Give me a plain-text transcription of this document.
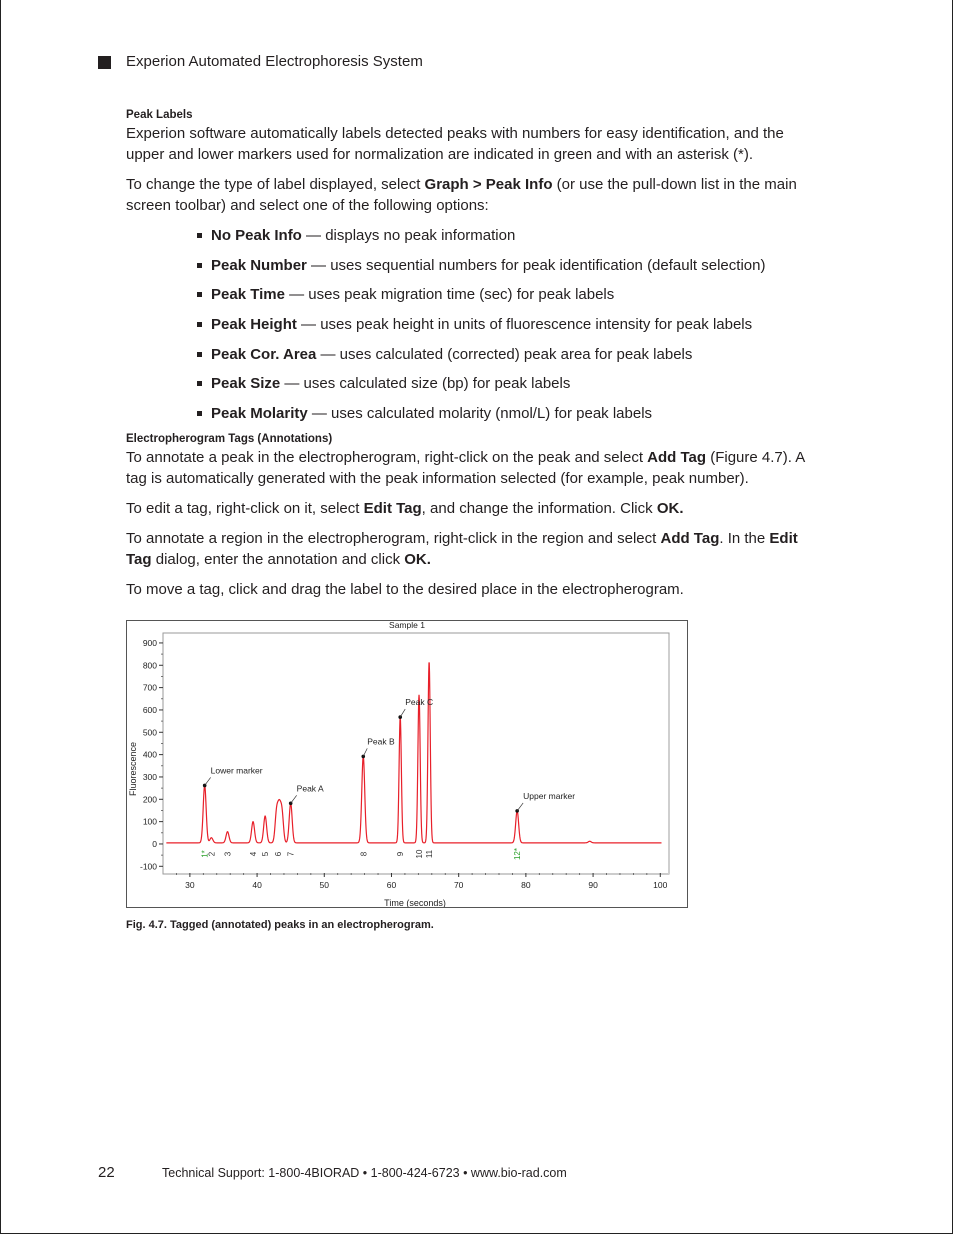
Experion Automated Electrophoresis System
Peak Labels

Experion software automatically labels detected peaks with numbers for easy identification, and the upper and lower markers used for normalization are indicated in green and with an asterisk (*).

To change the type of label displayed, select Graph > Peak Info (or use the pull-down list in the main screen toolbar) and select one of the following options:

No Peak Info — displays no peak information
Peak Number — uses sequential numbers for peak identification (default selection)
Peak Time — uses peak migration time (sec) for peak labels
Peak Height — uses peak height in units of fluorescence intensity for peak labels
Peak Cor. Area — uses calculated (corrected) peak area for peak labels
Peak Size — uses calculated size (bp) for peak labels
Peak Molarity — uses calculated molarity (nmol/L) for peak labels
Electropherogram Tags (Annotations)

To annotate a peak in the electropherogram, right-click on the peak and select Add Tag (Figure 4.7). A tag is automatically generated with the peak information selected (for example, peak number).

To edit a tag, right-click on it, select Edit Tag, and change the information. Click OK.

To annotate a region in the electropherogram, right-click in the region and select Add Tag. In the Edit Tag dialog, enter the annotation and click OK.

To move a tag, click and drag the label to the desired place in the electropherogram.

Sample 1
Time (seconds)
Fluorescence
900
800
700
600
500
400
300
200
100
0
-100
30	40	50	60	70	80	90	100
Lower marker
Peak A
Peak B
Peak C
Upper marker
1*
2 3 4 5 6 7	8	9 10 11	12*
Fig. 4.7. Tagged (annotated) peaks in an electropherogram.
22	Technical Support: 1-800-4BIORAD • 1-800-424-6723 • www.bio-rad.com
